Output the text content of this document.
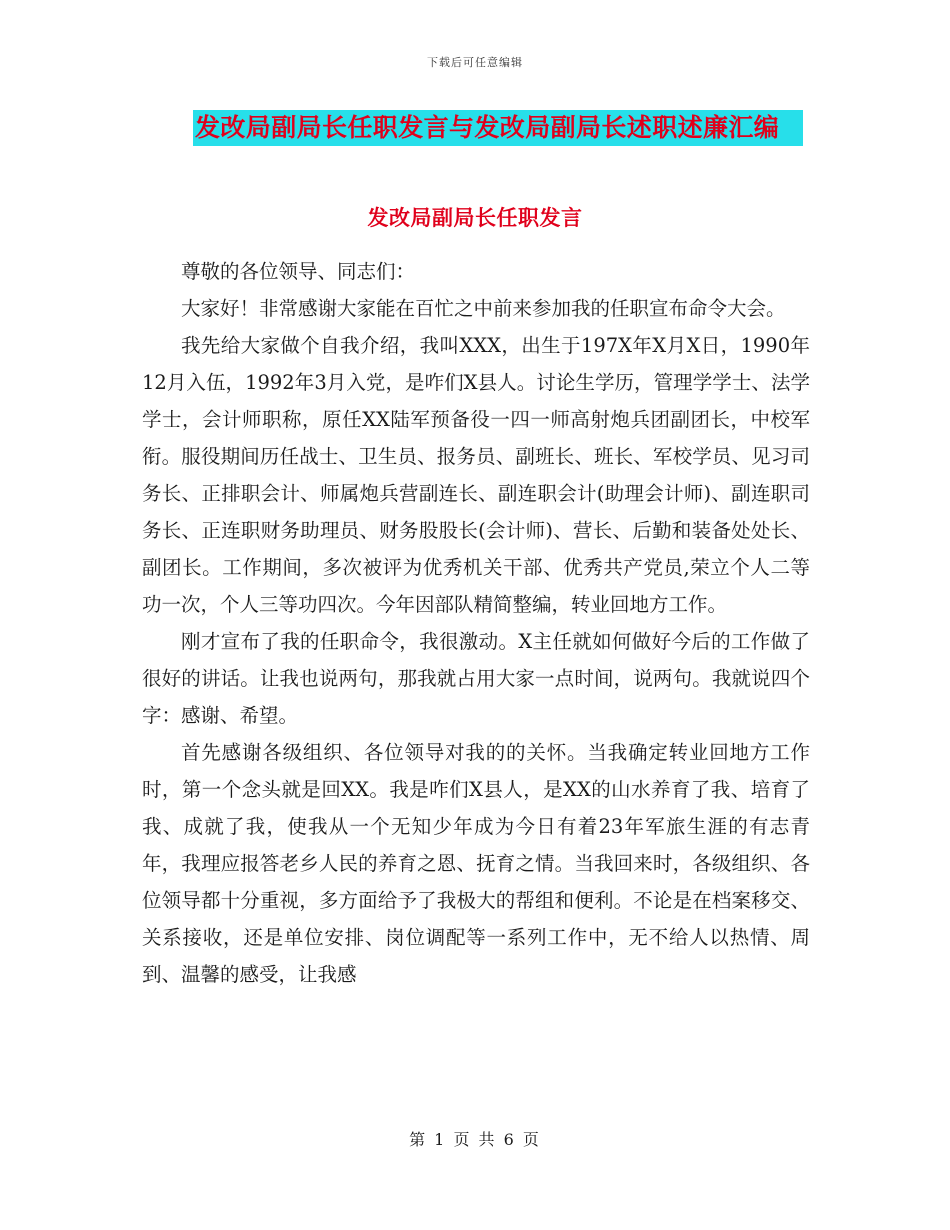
下载后可任意编辑
发改局副局长任职发言与发改局副局长述职述廉汇编
发改局副局长任职发言

尊敬的各位领导、同志们：

大家好！非常感谢大家能在百忙之中前来参加我的任职宣布命令大会。

我先给大家做个自我介绍，我叫XXX，出生于197X年X月X日，1990年12月入伍，1992年3月入党，是咋们X县人。讨论生学历，管理学学士、法学学士，会计师职称，原任XX陆军预备役一四一师高射炮兵团副团长，中校军衔。服役期间历任战士、卫生员、报务员、副班长、班长、军校学员、见习司务长、正排职会计、师属炮兵营副连长、副连职会计(助理会计师)、副连职司务长、正连职财务助理员、财务股股长(会计师)、营长、后勤和装备处处长、副团长。工作期间，多次被评为优秀机关干部、优秀共产党员,荣立个人二等功一次，个人三等功四次。今年因部队精简整编，转业回地方工作。

刚才宣布了我的任职命令，我很激动。X主任就如何做好今后的工作做了很好的讲话。让我也说两句，那我就占用大家一点时间，说两句。我就说四个字：感谢、希望。

首先感谢各级组织、各位领导对我的的关怀。当我确定转业回地方工作时，第一个念头就是回XX。我是咋们X县人，是XX的山水养育了我、培育了我、成就了我，使我从一个无知少年成为今日有着23年军旅生涯的有志青年，我理应报答老乡人民的养育之恩、抚育之情。当我回来时，各级组织、各位领导都十分重视，多方面给予了我极大的帮组和便利。不论是在档案移交、关系接收，还是单位安排、岗位调配等一系列工作中，无不给人以热情、周到、温馨的感受，让我感

第 1 页 共 6 页
